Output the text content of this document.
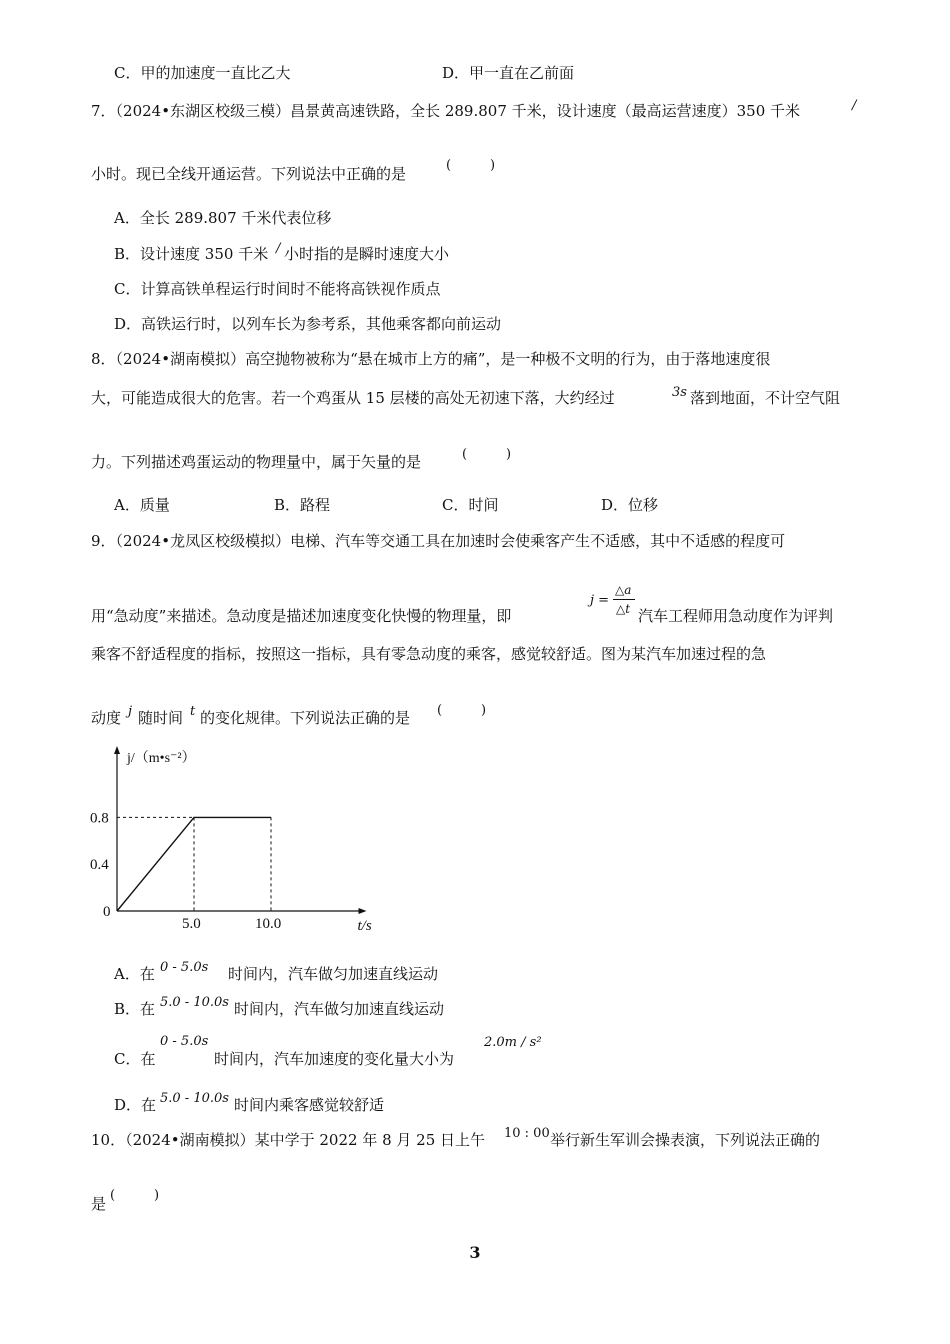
C．甲的加速度一直比乙大	D．甲一直在乙前面
7．（2024•东湖区校级三模）昌景黄高速铁路，全长 289.807 千米，设计速度（最高运营速度）350 千米	/
小时。现已全线开通运营。下列说法中正确的是	(	)
A．全长 289.807 千米代表位移
B．设计速度 350 千米 / 小时指的是瞬时速度大小
C．计算高铁单程运行时间时不能将高铁视作质点
D．高铁运行时，以列车长为参考系，其他乘客都向前运动
8．（2024•湖南模拟）高空抛物被称为“悬在城市上方的痛”，是一种极不文明的行为，由于落地速度很
大，可能造成很大的危害。若一个鸡蛋从 15 层楼的高处无初速下落，大约经过	3s 落到地面，不计空气阻
力。下列描述鸡蛋运动的物理量中，属于矢量的是	(	)
A．质量	B．路程	C．时间	D．位移
9．（2024•龙凤区校级模拟）电梯、汽车等交通工具在加速时会使乘客产生不适感，其中不适感的程度可
用“急动度”来描述。急动度是描述加速度变化快慢的物理量，即
j =
△a
△t 汽车工程师用急动度作为评判
乘客不舒适程度的指标，按照这一指标，具有零急动度的乘客，感觉较舒适。图为某汽车加速过程的急
动度 j 随时间 t 的变化规律。下列说法正确的是 (	)
5.0	10.0
0.8
0.4
0
j/（m•s⁻²）
t/s
A．在 0 - 5.0s 时间内，汽车做匀加速直线运动
B．在 5.0 - 10.0s 时间内，汽车做匀加速直线运动
C．在
0 - 5.0s
时间内，汽车加速度的变化量大小为
2.0m / s²
D．在 5.0 - 10.0s 时间内乘客感觉较舒适
10．（2024•湖南模拟）某中学于 2022 年 8 月 25 日上午 10 : 00 举行新生军训会操表演，下列说法正确的
是 (	)
3
